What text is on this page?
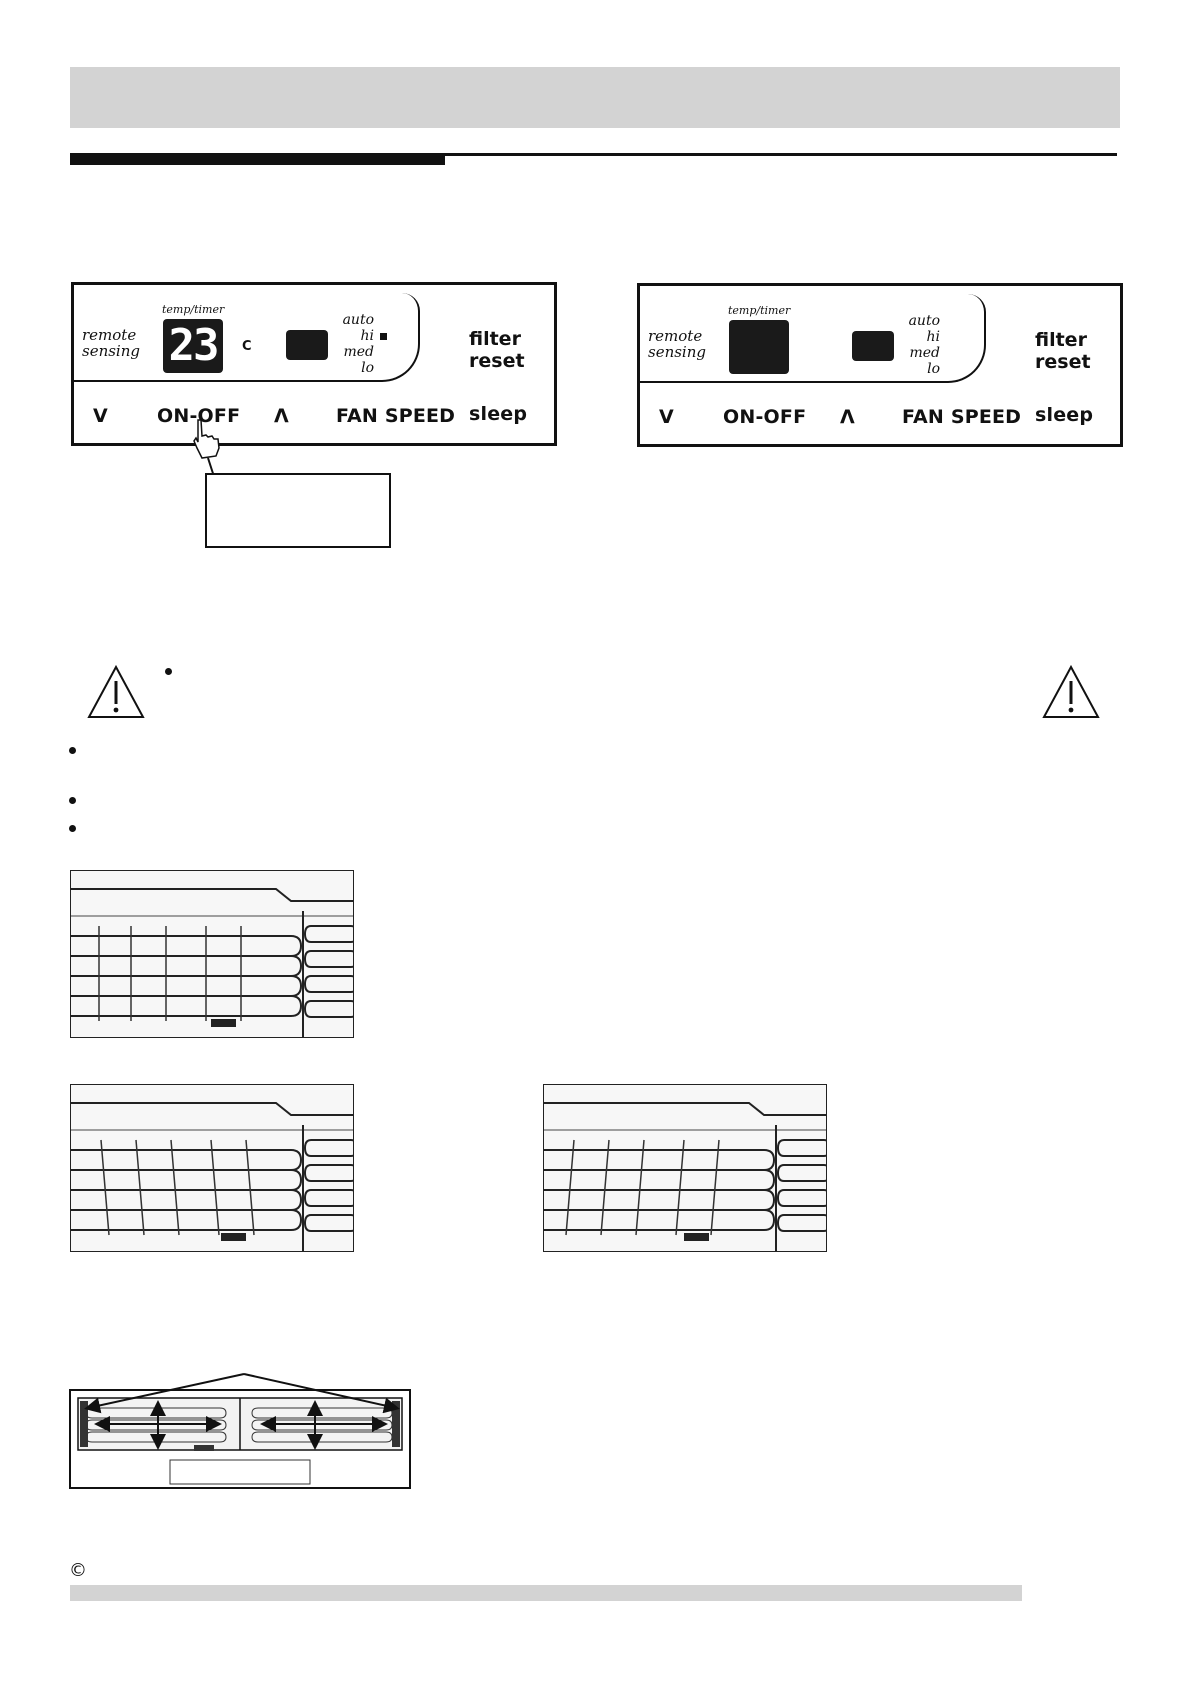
remote
sensing
temp/timer
23	C
auto
hi
med
lo
filter
reset
V	ON-OFF Λ FAN SPEED sleep
remote
sensing
temp/timer
auto
hi
med
lo
filter
reset
V	ON-OFF Λ FAN SPEED sleep
©
